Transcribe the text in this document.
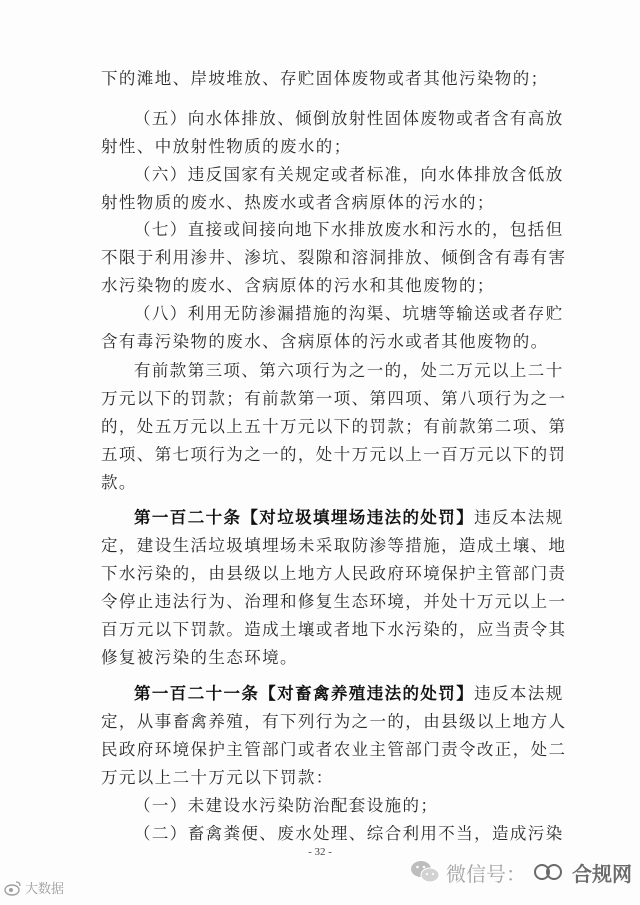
下的滩地、岸坡堆放、存贮固体废物或者其他污染物的；
（五）向水体排放、倾倒放射性固体废物或者含有高放
射性、中放射性物质的废水的；
（六）违反国家有关规定或者标准，向水体排放含低放
射性物质的废水、热废水或者含病原体的污水的；
（七）直接或间接向地下水排放废水和污水的，包括但
不限于利用渗井、渗坑、裂隙和溶洞排放、倾倒含有毒有害
水污染物的废水、含病原体的污水和其他废物的；
（八）利用无防渗漏措施的沟渠、坑塘等输送或者存贮
含有毒污染物的废水、含病原体的污水或者其他废物的。
有前款第三项、第六项行为之一的，处二万元以上二十
万元以下的罚款；有前款第一项、第四项、第八项行为之一
的，处五万元以上五十万元以下的罚款；有前款第二项、第
五项、第七项行为之一的，处十万元以上一百万元以下的罚
款。
第一百二十条【对垃圾填埋场违法的处罚】违反本法规
定，建设生活垃圾填埋场未采取防渗等措施，造成土壤、地
下水污染的，由县级以上地方人民政府环境保护主管部门责
令停止违法行为、治理和修复生态环境，并处十万元以上一
百万元以下罚款。造成土壤或者地下水污染的，应当责令其
修复被污染的生态环境。
第一百二十一条【对畜禽养殖违法的处罚】违反本法规
定，从事畜禽养殖，有下列行为之一的，由县级以上地方人
民政府环境保护主管部门或者农业主管部门责令改正，处二
万元以上二十万元以下罚款：
（一）未建设水污染防治配套设施的；
（二）畜禽粪便、废水处理、综合利用不当，造成污染
- 32 -
大数据
微信号： 合规网
